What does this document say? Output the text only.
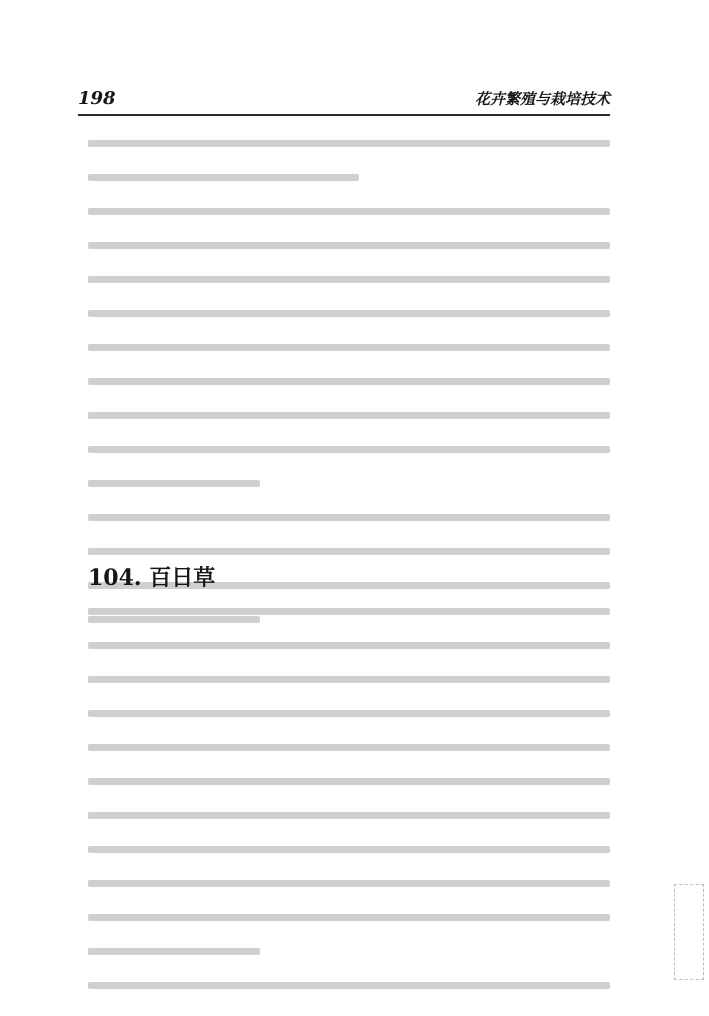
198	花卉繁殖与栽培技术
104. 百日草
